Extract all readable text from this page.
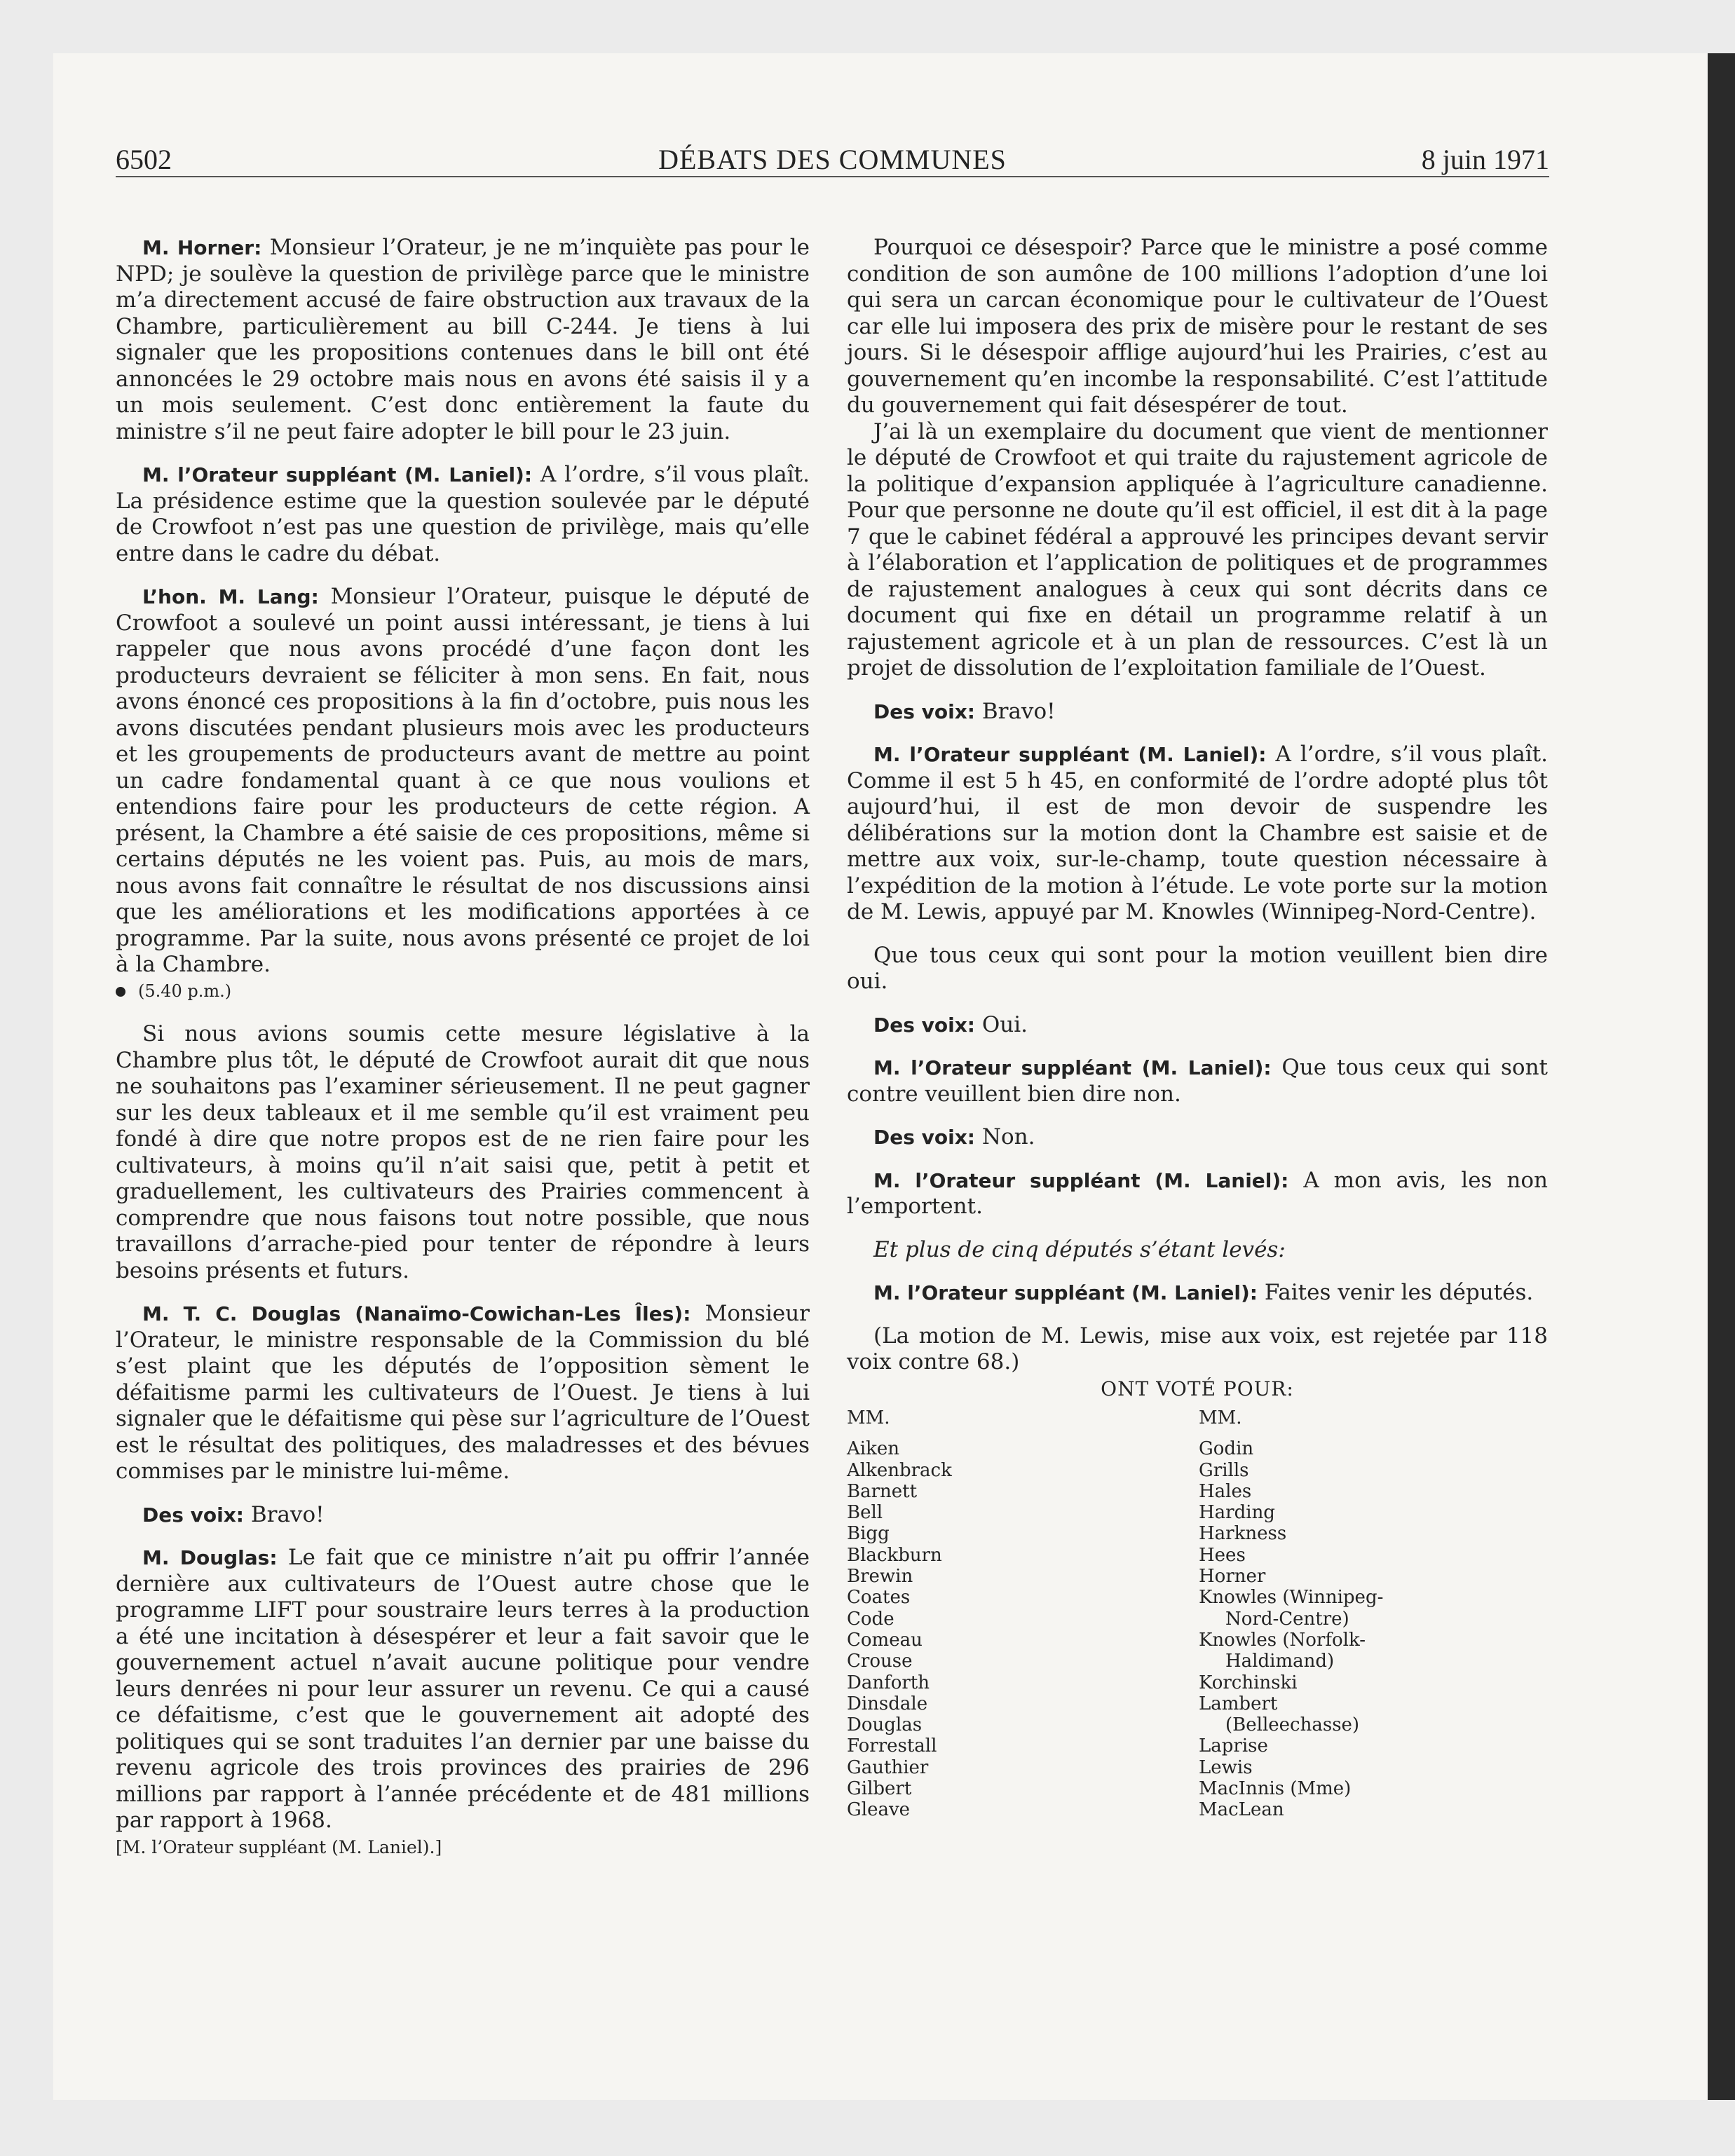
6502	DÉBATS DES COMMUNES	8 juin 1971

M. Horner: Monsieur l’Orateur, je ne m’inquiète pas pour le NPD; je soulève la question de privilège parce que le ministre m’a directement accusé de faire obstruction aux travaux de la Chambre, particulièrement au bill C-244. Je tiens à lui signaler que les propositions contenues dans le bill ont été annoncées le 29 octobre mais nous en avons été saisis il y a un mois seulement. C’est donc entièrement la faute du ministre s’il ne peut faire adopter le bill pour le 23 juin.

M. l’Orateur suppléant (M. Laniel): A l’ordre, s’il vous plaît. La présidence estime que la question soulevée par le député de Crowfoot n’est pas une question de privilège, mais qu’elle entre dans le cadre du débat.

L’hon. M. Lang: Monsieur l’Orateur, puisque le député de Crowfoot a soulevé un point aussi intéressant, je tiens à lui rappeler que nous avons procédé d’une façon dont les producteurs devraient se féliciter à mon sens. En fait, nous avons énoncé ces propositions à la fin d’octobre, puis nous les avons discutées pendant plusieurs mois avec les producteurs et les groupements de producteurs avant de mettre au point un cadre fondamental quant à ce que nous voulions et entendions faire pour les producteurs de cette région. A présent, la Chambre a été saisie de ces propositions, même si certains députés ne les voient pas. Puis, au mois de mars, nous avons fait connaître le résultat de nos discussions ainsi que les améliorations et les modifications apportées à ce programme. Par la suite, nous avons présenté ce projet de loi à la Chambre.

(5.40 p.m.)

Si nous avions soumis cette mesure législative à la Chambre plus tôt, le député de Crowfoot aurait dit que nous ne souhaitons pas l’examiner sérieusement. Il ne peut gagner sur les deux tableaux et il me semble qu’il est vraiment peu fondé à dire que notre propos est de ne rien faire pour les cultivateurs, à moins qu’il n’ait saisi que, petit à petit et graduellement, les cultivateurs des Prairies commencent à comprendre que nous faisons tout notre possible, que nous travaillons d’arrache-pied pour tenter de répondre à leurs besoins présents et futurs.

M. T. C. Douglas (Nanaïmo-Cowichan-Les Îles): Monsieur l’Orateur, le ministre responsable de la Commission du blé s’est plaint que les députés de l’opposition sèment le défaitisme parmi les cultivateurs de l’Ouest. Je tiens à lui signaler que le défaitisme qui pèse sur l’agriculture de l’Ouest est le résultat des politiques, des maladresses et des bévues commises par le ministre lui-même.

Des voix: Bravo!

M. Douglas: Le fait que ce ministre n’ait pu offrir l’année dernière aux cultivateurs de l’Ouest autre chose que le programme LIFT pour soustraire leurs terres à la production a été une incitation à désespérer et leur a fait savoir que le gouvernement actuel n’avait aucune politique pour vendre leurs denrées ni pour leur assurer un revenu. Ce qui a causé ce défaitisme, c’est que le gouvernement ait adopté des politiques qui se sont traduites l’an dernier par une baisse du revenu agricole des trois provinces des prairies de 296 millions par rapport à l’année précédente et de 481 millions par rapport à 1968.

[M. l’Orateur suppléant (M. Laniel).]

Pourquoi ce désespoir? Parce que le ministre a posé comme condition de son aumône de 100 millions l’adoption d’une loi qui sera un carcan économique pour le cultivateur de l’Ouest car elle lui imposera des prix de misère pour le restant de ses jours. Si le désespoir afflige aujourd’hui les Prairies, c’est au gouvernement qu’en incombe la responsabilité. C’est l’attitude du gouvernement qui fait désespérer de tout.

J’ai là un exemplaire du document que vient de mentionner le député de Crowfoot et qui traite du rajustement agricole de la politique d’expansion appliquée à l’agriculture canadienne. Pour que personne ne doute qu’il est officiel, il est dit à la page 7 que le cabinet fédéral a approuvé les principes devant servir à l’élaboration et l’application de politiques et de programmes de rajustement analogues à ceux qui sont décrits dans ce document qui fixe en détail un programme relatif à un rajustement agricole et à un plan de ressources. C’est là un projet de dissolution de l’exploitation familiale de l’Ouest.

Des voix: Bravo!

M. l’Orateur suppléant (M. Laniel): A l’ordre, s’il vous plaît. Comme il est 5 h 45, en conformité de l’ordre adopté plus tôt aujourd’hui, il est de mon devoir de suspendre les délibérations sur la motion dont la Chambre est saisie et de mettre aux voix, sur-le-champ, toute question nécessaire à l’expédition de la motion à l’étude. Le vote porte sur la motion de M. Lewis, appuyé par M. Knowles (Winnipeg-Nord-Centre).

Que tous ceux qui sont pour la motion veuillent bien dire oui.

Des voix: Oui.

M. l’Orateur suppléant (M. Laniel): Que tous ceux qui sont contre veuillent bien dire non.

Des voix: Non.

M. l’Orateur suppléant (M. Laniel): A mon avis, les non l’emportent.

Et plus de cinq députés s’étant levés:

M. l’Orateur suppléant (M. Laniel): Faites venir les députés.

(La motion de M. Lewis, mise aux voix, est rejetée par 118 voix contre 68.)

ONT VOTÉ POUR:

MM.
Aiken
Alkenbrack
Barnett
Bell
Bigg
Blackburn
Brewin
Coates
Code
Comeau
Crouse
Danforth
Dinsdale
Douglas
Forrestall
Gauthier
Gilbert
Gleave
MM.
Godin
Grills
Hales
Harding
Harkness
Hees
Horner
Knowles (Winnipeg-
Nord-Centre)
Knowles (Norfolk-
Haldimand)
Korchinski
Lambert
(Belleechasse)
Laprise
Lewis
MacInnis (Mme)
MacLean
